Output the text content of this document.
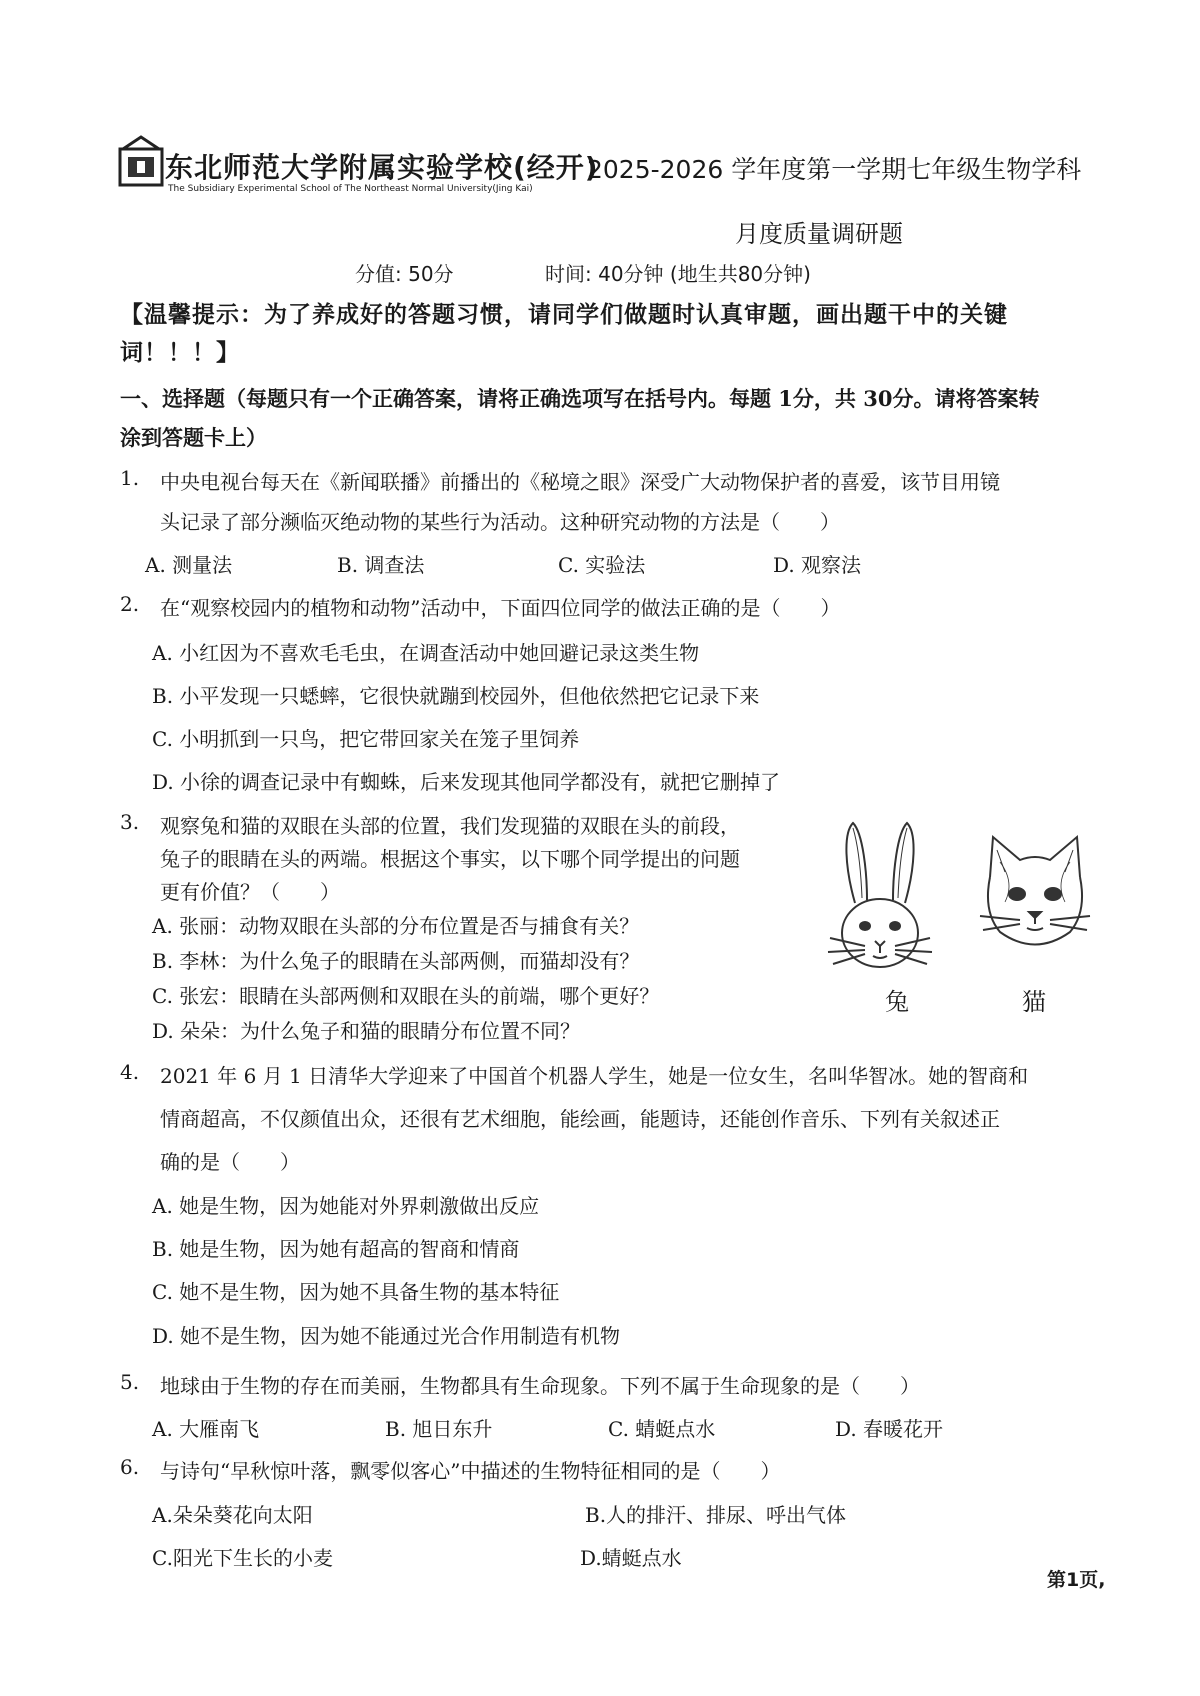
东北师范大学附属实验学校(经开)
The Subsidiary Experimental School of The Northeast Normal University(Jing Kai)
2025-2026 学年度第一学期七年级生物学科
月度质量调研题
分值: 50分	时间: 40分钟 (地生共80分钟)
【温馨提示：为了养成好的答题习惯，请同学们做题时认真审题，画出题干中的关键
词！！！】
一、选择题（每题只有一个正确答案，请将正确选项写在括号内。每题 1分，共 30分。请将答案转
涂到答题卡上）
1. 中央电视台每天在《新闻联播》前播出的《秘境之眼》深受广大动物保护者的喜爱，该节目用镜
头记录了部分濒临灭绝动物的某些行为活动。这种研究动物的方法是（　　）
A. 测量法	B. 调查法	C. 实验法	D. 观察法
2. 在“观察校园内的植物和动物”活动中，下面四位同学的做法正确的是（　　）
A. 小红因为不喜欢毛毛虫，在调查活动中她回避记录这类生物
B. 小平发现一只蟋蟀，它很快就蹦到校园外，但他依然把它记录下来
C. 小明抓到一只鸟，把它带回家关在笼子里饲养
D. 小徐的调查记录中有蜘蛛，后来发现其他同学都没有，就把它删掉了
3. 观察兔和猫的双眼在头部的位置，我们发现猫的双眼在头的前段，
兔子的眼睛在头的两端。根据这个事实，以下哪个同学提出的问题
更有价值？（　　）
A. 张丽：动物双眼在头部的分布位置是否与捕食有关？
B. 李林：为什么兔子的眼睛在头部两侧，而猫却没有？
C. 张宏：眼睛在头部两侧和双眼在头的前端，哪个更好？
D. 朵朵：为什么兔子和猫的眼睛分布位置不同？
兔	猫
4. 2021 年 6 月 1 日清华大学迎来了中国首个机器人学生，她是一位女生，名叫华智冰。她的智商和
情商超高，不仅颜值出众，还很有艺术细胞，能绘画，能题诗，还能创作音乐、下列有关叙述正
确的是（　　）
A. 她是生物，因为她能对外界刺激做出反应
B. 她是生物，因为她有超高的智商和情商
C. 她不是生物，因为她不具备生物的基本特征
D. 她不是生物，因为她不能通过光合作用制造有机物
5. 地球由于生物的存在而美丽，生物都具有生命现象。下列不属于生命现象的是（　　）
A. 大雁南飞	B. 旭日东升	C. 蜻蜓点水	D. 春暖花开
6. 与诗句“早秋惊叶落，飘零似客心”中描述的生物特征相同的是（　　）
A.朵朵葵花向太阳	B.人的排汗、排尿、呼出气体
C.阳光下生长的小麦	D.蜻蜓点水
第1页,
